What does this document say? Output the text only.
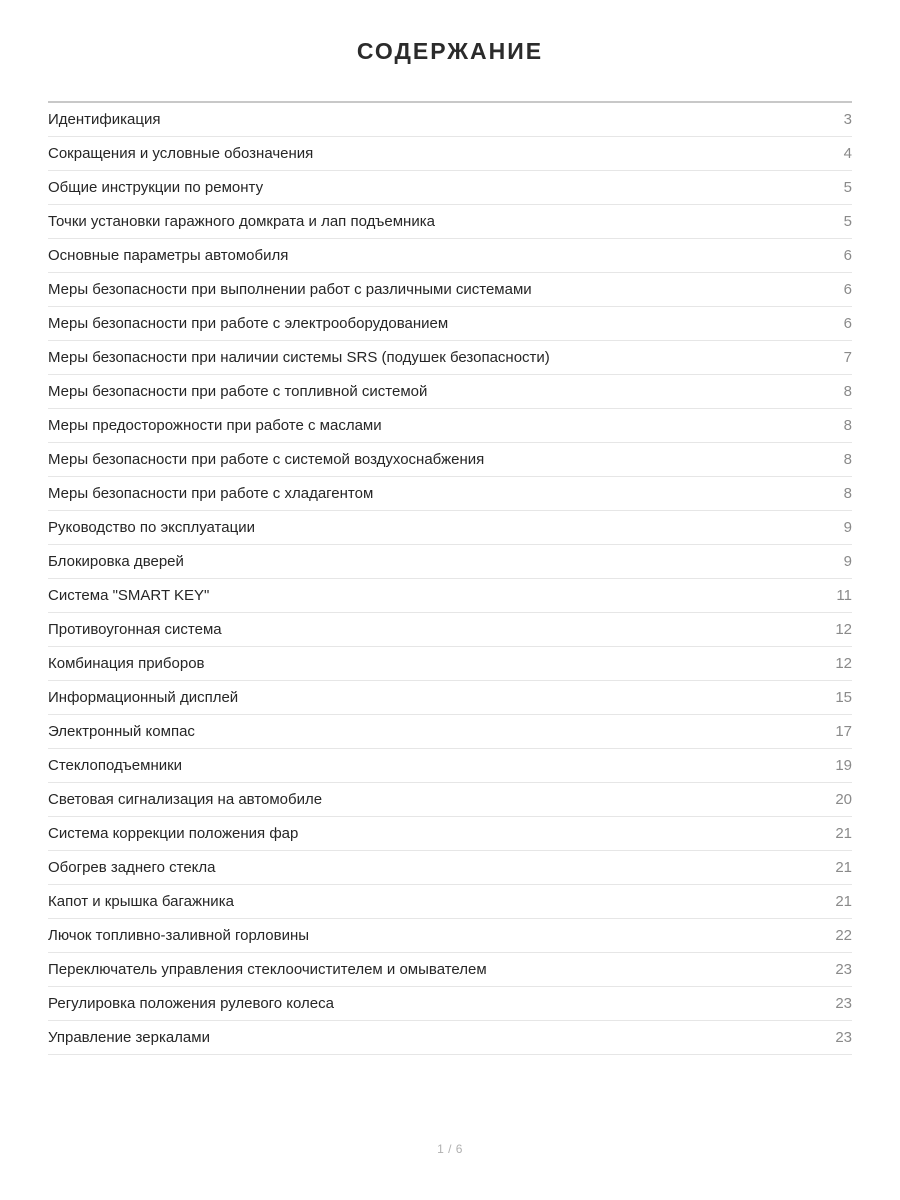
СОДЕРЖАНИЕ
Идентификация	3
Сокращения и условные обозначения	4
Общие инструкции по ремонту	5
Точки установки гаражного домкрата и лап подъемника	5
Основные параметры автомобиля	6
Меры безопасности при выполнении работ с различными системами	6
Меры безопасности при работе с электрооборудованием	6
Меры безопасности при наличии системы SRS (подушек безопасности)	7
Меры безопасности при работе с топливной системой	8
Меры предосторожности при работе с маслами	8
Меры безопасности при работе с системой воздухоснабжения	8
Меры безопасности при работе с хладагентом	8
Руководство по эксплуатации	9
Блокировка дверей	9
Система "SMART KEY"	11
Противоугонная система	12
Комбинация приборов	12
Информационный дисплей	15
Электронный компас	17
Стеклоподъемники	19
Световая сигнализация на автомобиле	20
Система коррекции положения фар	21
Обогрев заднего стекла	21
Капот и крышка багажника	21
Лючок топливно-заливной горловины	22
Переключатель управления стеклоочистителем и омывателем	23
Регулировка положения рулевого колеса	23
Управление зеркалами	23
1 / 6
